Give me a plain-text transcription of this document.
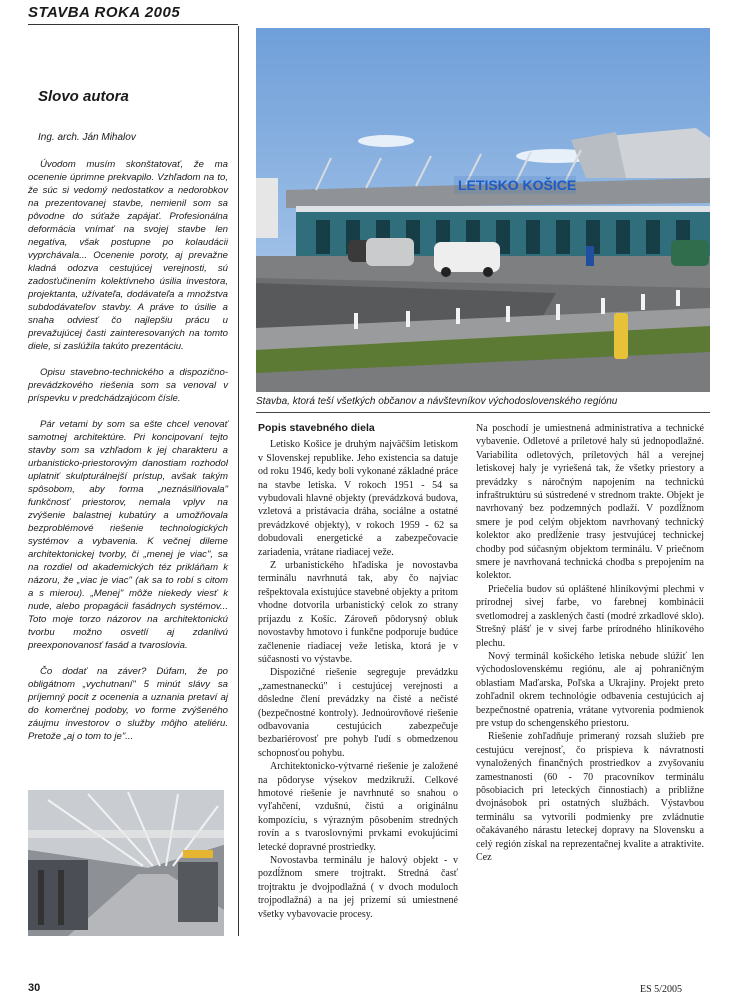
STAVBA ROKA 2005
Slovo autora
Ing. arch. Ján Mihalov

Úvodom musím skonštatovať, že ma ocenenie úprimne prekvapilo. Vzhľadom na to, že súc si vedomý nedostatkov a nedorobkov na prezentovanej stavbe, nemienil som sa pôvodne do súťaže zapájať. Profesionálna deformácia vnímať na svojej stavbe len negatíva, však postupne po kolaudácii vyprchávala... Ocenenie poroty, aj prevažne kladná odozva cestujúcej verejnosti, sú zadosťučinením kolektívneho úsilia investora, projektanta, užívateľa, dodávateľa a množstva subdodávateľov stavby. A práve to úsilie a snaha odviesť čo najlepšiu prácu u prevažujúcej časti zainteresovaných na tomto diele, si zaslúžila takúto prezentáciu.

Opisu stavebno-technického a dispozično-prevádzkového riešenia som sa venoval v príspevku v predchádzajúcom čísle.

Pár vetami by som sa ešte chcel venovať samotnej architektúre. Pri koncipovaní tejto stavby som sa vzhľadom k jej charakteru a urbanisticko-priestorovým danostiam rozhodol uplatniť skulpturálnejší prístup, avšak takým spôsobom, aby forma „neznásilňovala" funkčnosť priestorov, nemala vplyv na zvýšenie balastnej kubatúry a umožňovala bezproblémové riešenie technologických systémov a vybavenia. K večnej dileme architektonickej tvorby, či „menej je viac", sa na rozdiel od akademických téz prikláňam k názoru, že „viac je viac" (ak sa to robí s citom a s mierou). „Menej" môže niekedy viesť k nude, alebo propagácii fasádnych systémov... Toto moje torzo názorov na architektonickú tvorbu možno osvetlí aj zdanlivú preexponovanosť fasád a tvaroslovia.

Čo dodať na záver? Dúfam, že po obligátnom „vychutnaní" 5 minút slávy sa príjemný pocit z ocenenia a uznania pretaví aj do komerčnej podoby, vo forme zvýšeného záujmu investorov o služby môjho ateliéru. Pretože „aj o tom to je"...

LETISKO KOŠICE
Stavba, ktorá teší všetkých občanov a návštevníkov východoslovenského regiónu
Popis stavebného diela

Letisko Košice je druhým najväčším letiskom v Slovenskej republike. Jeho existencia sa datuje od roku 1946, kedy boli vykonané základné práce na stavbe letiska. V rokoch 1951 - 54 sa vybudovali hlavné objekty (prevádzková budova, vzletová a pristávacia dráha, sociálne a ostatné prevádzkové objekty), v rokoch 1959 - 62 sa dobudovali energetické a zabezpečovacie zariadenia, vrátane riadiacej veže.

Z urbanistického hľadiska je novostavba terminálu navrhnutá tak, aby čo najviac rešpektovala existujúce stavebné objekty a pritom vhodne dotvorila urbanistický celok zo strany príjazdu z Košíc. Zároveň pôdorysný obluk novostavby hmotovo i funkčne podporuje budúce začlenenie riadiacej veže letiska, ktorá je v súčasnosti vo výstavbe.

Dispozičné riešenie segreguje prevádzku „zamestnaneckú" i cestujúcej verejnosti a dôsledne člení prevádzky na čisté a nečisté (bezpečnostné kontroly). Jednoúrovňové riešenie odbavovania cestujúcich zabezpečuje bezbariérovosť pre pohyb ľudí s obmedzenou schopnosťou pohybu.

Architektonicko-výtvarné riešenie je založené na pôdoryse výsekov medzikruží. Celkové hmotové riešenie je navrhnuté so snahou o vyľahčení, vzdušnú, čistú a originálnu kompozíciu, s výrazným pôsobením stredných rovín a s tvaroslovnými prvkami evokujúcimi letecké dopravné prostriedky.

Novostavba terminálu je halový objekt - v pozdĺžnom smere trojtrakt. Stredná časť trojtraktu je dvojpodlažná ( v dvoch moduloch trojpodlažná) a na jej prízemí sú umiestnené všetky vybavovacie procesy.

Na poschodí je umiestnená administratíva a technické vybavenie. Odletové a príletové haly sú jednopodlažné. Variabilita odletových, príletových hál a verejnej letiskovej haly je vyriešená tak, že všetky priestory a prevádzky s náročným napojením na technickú infraštruktúru sú sústredené v strednom trakte. Objekt je navrhovaný bez podzemných podlaží. V pozdĺžnom smere je pod celým objektom navrhovaný technický kolektor ako predĺženie trasy jestvujúcej technickej chodby pod súčasným objektom terminálu. V priečnom smere je navrhovaná technická chodba s prepojením na kolektor.

Priečelia budov sú opláštené hliníkovými plechmi v prírodnej sivej farbe, vo farebnej kombinácii svetlomodrej a zasklených častí (modré zrkadlové sklo). Strešný plášť je v sivej farbe prírodného hliníkového plechu.

Nový terminál košického letiska nebude slúžiť len východoslovenskému regiónu, ale aj pohraničným oblastiam Maďarska, Poľska a Ukrajiny. Projekt preto zohľadnil okrem technológie odbavenia cestujúcich aj bezpečnostné opatrenia, vrátane vytvorenia podmienok pre vstup do schengenského priestoru.

Riešenie zohľadňuje primeraný rozsah služieb pre cestujúcu verejnosť, čo prispieva k návratnosti vynaložených finančných prostriedkov a zvyšovaniu zamestnanosti (60 - 70 pracovníkov terminálu pôsobiacich pri leteckých činnostiach) a približne dvojnásobok pri ostatných službách. Výstavbou terminálu sa vytvorili podmienky pre zvládnutie očakávaného nárastu leteckej dopravy na Slovensku a celý región získal na reprezentačnej kvalite a atraktivite. Cez

30	ES 5/2005
